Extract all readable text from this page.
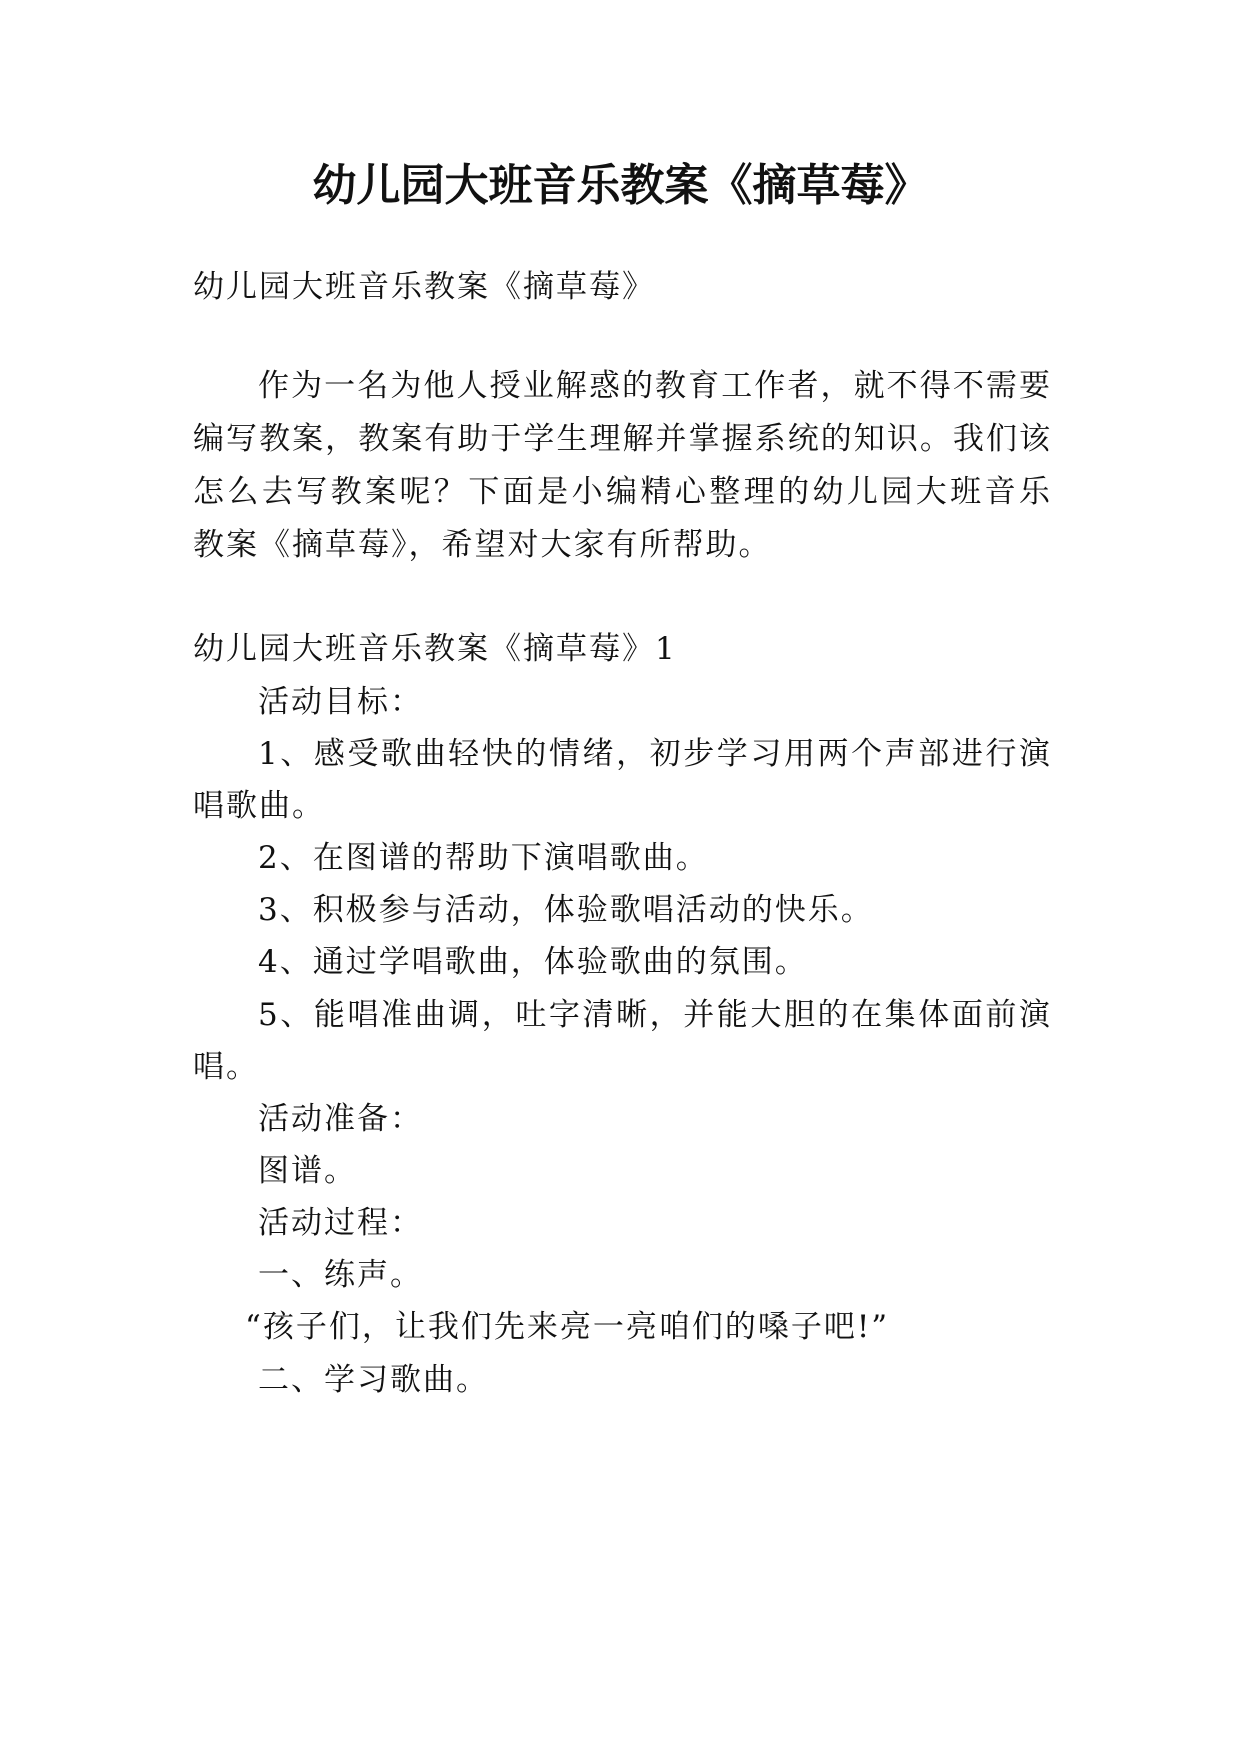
幼儿园大班音乐教案《摘草莓》
幼儿园大班音乐教案《摘草莓》
作为一名为他人授业解惑的教育工作者，就不得不需要
编写教案，教案有助于学生理解并掌握系统的知识。我们该
怎么去写教案呢？下面是小编精心整理的幼儿园大班音乐
教案《摘草莓》，希望对大家有所帮助。
幼儿园大班音乐教案《摘草莓》1
活动目标：
1、感受歌曲轻快的情绪，初步学习用两个声部进行演
唱歌曲。
2、在图谱的帮助下演唱歌曲。
3、积极参与活动，体验歌唱活动的快乐。
4、通过学唱歌曲，体验歌曲的氛围。
5、能唱准曲调，吐字清晰，并能大胆的在集体面前演
唱。
活动准备：
图谱。
活动过程：
一、练声。
“孩子们，让我们先来亮一亮咱们的嗓子吧!”
二、学习歌曲。
